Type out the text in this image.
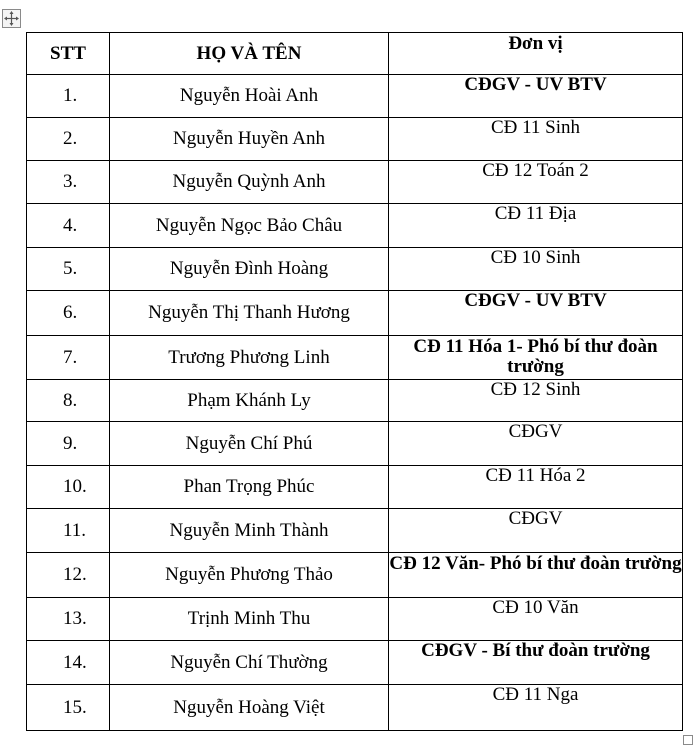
STT	HỌ VÀ TÊN	Đơn vị
1.	Nguyễn Hoài Anh	CĐGV - UV BTV
2.	Nguyễn Huyền Anh	CĐ 11 Sinh
3.	Nguyễn Quỳnh Anh	CĐ 12 Toán 2
4.	Nguyễn Ngọc Bảo Châu	CĐ 11 Địa
5.	Nguyễn Đình Hoàng	CĐ 10 Sinh
6.	Nguyễn Thị Thanh Hương	CĐGV - UV BTV
7.	Trương Phương Linh	CĐ 11 Hóa 1- Phó bí thư đoàn trường
8.	Phạm Khánh Ly	CĐ 12 Sinh
9.	Nguyễn Chí Phú	CĐGV
10.	Phan Trọng Phúc	CĐ 11 Hóa 2
11.	Nguyễn Minh Thành	CĐGV
12.	Nguyễn Phương Thảo	CĐ 12 Văn- Phó bí thư đoàn trường
13.	Trịnh Minh Thu	CĐ 10 Văn
14.	Nguyễn Chí Thường	CĐGV - Bí thư đoàn trường
15.	Nguyễn Hoàng Việt	CĐ 11 Nga
